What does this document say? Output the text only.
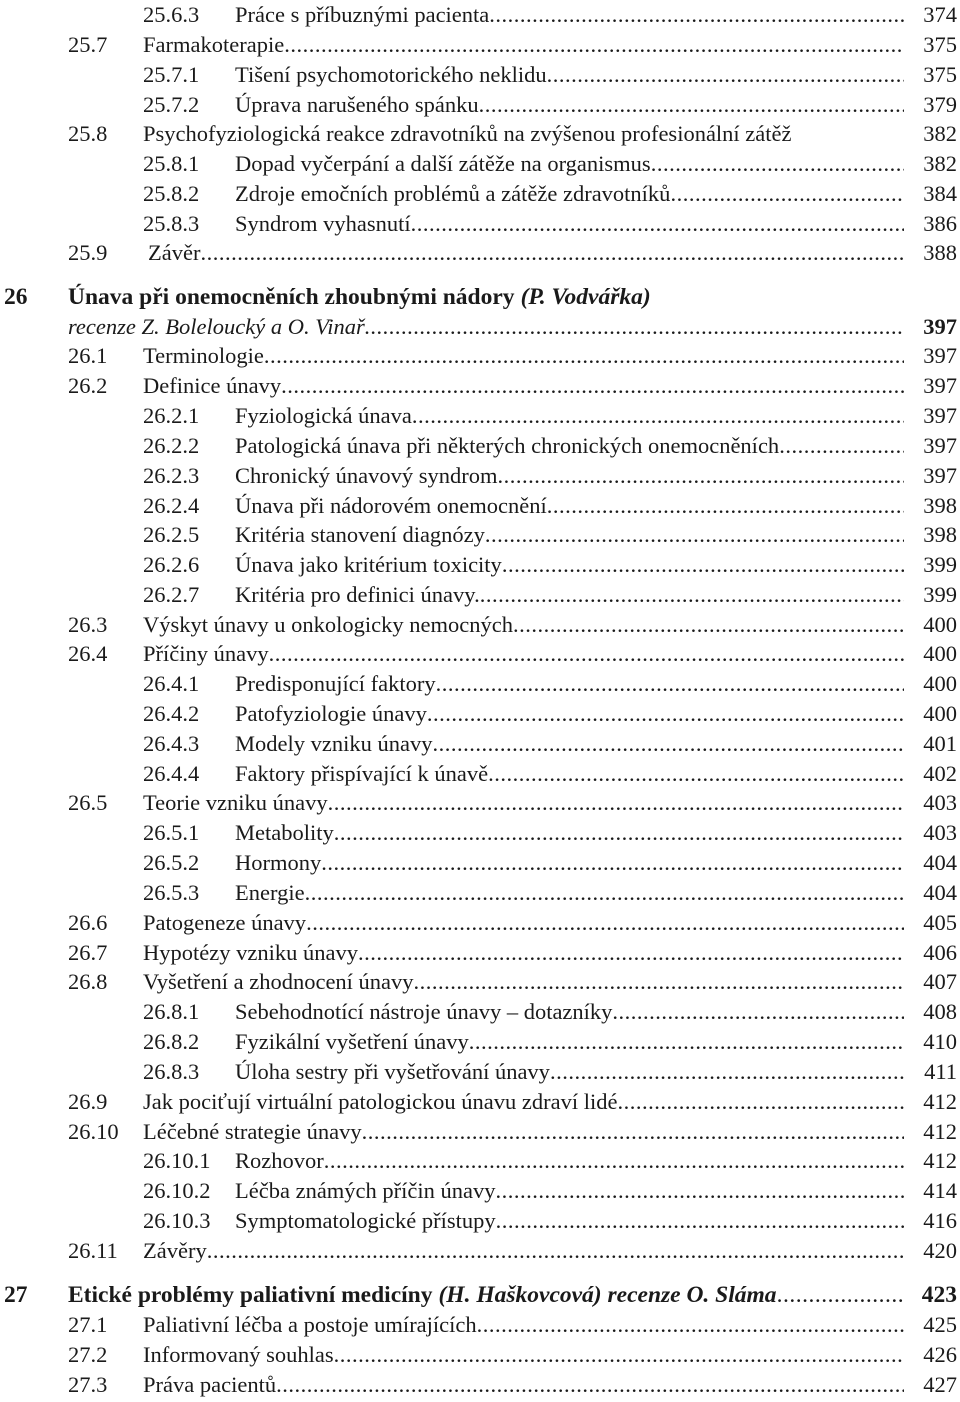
25.6.3 Práce s příbuznými pacienta .....	374
25.7 Farmakoterapie .....	375
25.7.1 Tišení psychomotorického neklidu .....	375
25.7.2 Úprava narušeného spánku .....	379
25.8 Psychofyziologická reakce zdravotníků na zvýšenou profesionální zátěž	382
25.8.1 Dopad vyčerpání a další zátěže na organismus .....	382
25.8.2 Zdroje emočních problémů a zátěže zdravotníků .....	384
25.8.3 Syndrom vyhasnutí .....	386
25.9 Závěr .....	388
26 Únava při onemocněních zhoubnými nádory (P. Vodvářka)
recenze Z. Boleloucký a O. Vinař .....	397
26.1 Terminologie .....	397
26.2 Definice únavy .....	397
26.2.1 Fyziologická únava .....	397
26.2.2 Patologická únava při některých chronických onemocněních .....	397
26.2.3 Chronický únavový syndrom .....	397
26.2.4 Únava při nádorovém onemocnění .....	398
26.2.5 Kritéria stanovení diagnózy .....	398
26.2.6 Únava jako kritérium toxicity .....	399
26.2.7 Kritéria pro definici únavy. .....	399
26.3 Výskyt únavy u onkologicky nemocných .....	400
26.4 Příčiny únavy .....	400
26.4.1 Predisponující faktory .....	400
26.4.2 Patofyziologie únavy .....	400
26.4.3 Modely vzniku únavy .....	401
26.4.4 Faktory přispívající k únavě .....	402
26.5 Teorie vzniku únavy .....	403
26.5.1 Metabolity .....	403
26.5.2 Hormony .....	404
26.5.3 Energie .....	404
26.6 Patogeneze únavy .....	405
26.7 Hypotézy vzniku únavy .....	406
26.8 Vyšetření a zhodnocení únavy .....	407
26.8.1 Sebehodnotící nástroje únavy – dotazníky .....	408
26.8.2 Fyzikální vyšetření únavy .....	410
26.8.3 Úloha sestry při vyšetřování únavy .....	411
26.9 Jak pociťují virtuální patologickou únavu zdraví lidé .....	412
26.10 Léčebné strategie únavy .....	412
26.10.1 Rozhovor .....	412
26.10.2 Léčba známých příčin únavy .....	414
26.10.3 Symptomatologické přístupy .....	416
26.11 Závěry .....	420
27 Etické problémy paliativní medicíny (H. Haškovcová) recenze O. Sláma .....	423
27.1 Paliativní léčba a postoje umírajících .....	425
27.2 Informovaný souhlas .....	426
27.3 Práva pacientů .....	427
